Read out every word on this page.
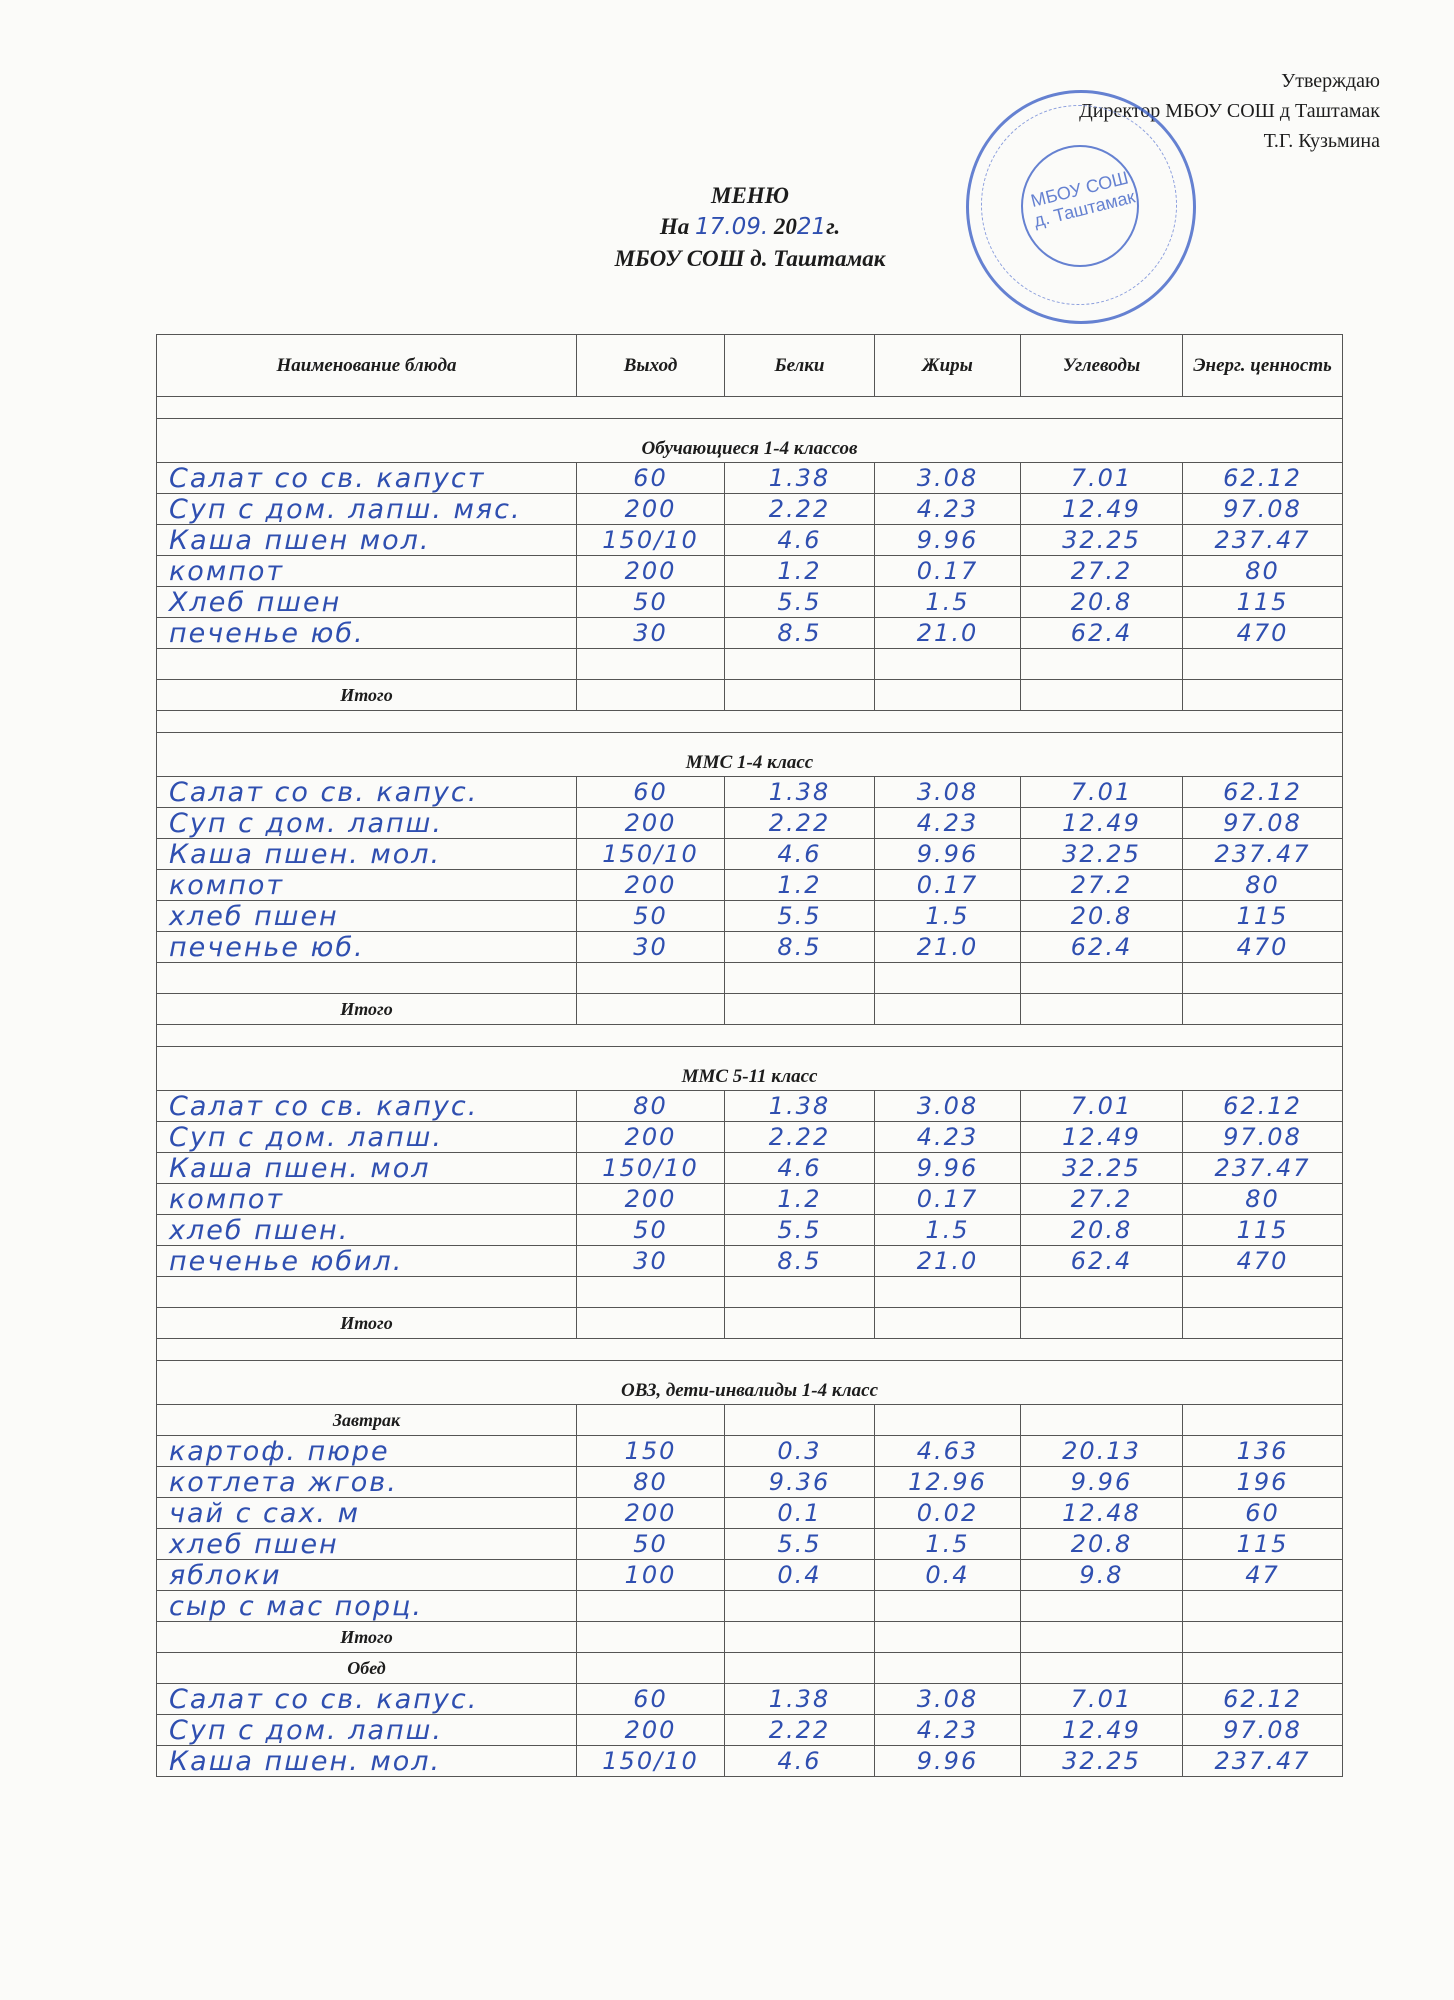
Утверждаю
Директор МБОУ СОШ д Таштамак
Т.Г. Кузьмина
МБОУ СОШ д. Таштамак
МЕНЮ
На 17.09. 2021г.
МБОУ СОШ д. Таштамак
Наименование блюда	Выход	Белки	Жиры	Углеводы	Энерг. ценность
Обучающиеся 1-4 классов
Салат со св. капуст	60	1.38	3.08	7.01	62.12
Суп с дом. лапш. мяс.	200	2.22	4.23	12.49	97.08
Каша пшен мол.	150/10	4.6	9.96	32.25	237.47
компот	200	1.2	0.17	27.2	80
Хлеб пшен	50	5.5	1.5	20.8	115
печенье юб.	30	8.5	21.0	62.4	470
Итого
ММС 1-4 класс
Салат со св. капус.	60	1.38	3.08	7.01	62.12
Суп с дом. лапш.	200	2.22	4.23	12.49	97.08
Каша пшен. мол.	150/10	4.6	9.96	32.25	237.47
компот	200	1.2	0.17	27.2	80
хлеб пшен	50	5.5	1.5	20.8	115
печенье юб.	30	8.5	21.0	62.4	470
Итого
ММС 5-11 класс
Салат со св. капус.	80	1.38	3.08	7.01	62.12
Суп с дом. лапш.	200	2.22	4.23	12.49	97.08
Каша пшен. мол	150/10	4.6	9.96	32.25	237.47
компот	200	1.2	0.17	27.2	80
хлеб пшен.	50	5.5	1.5	20.8	115
печенье юбил.	30	8.5	21.0	62.4	470
Итого
ОВЗ, дети-инвалиды 1-4 класс
Завтрак
картоф. пюре	150	0.3	4.63	20.13	136
котлета жгов.	80	9.36	12.96	9.96	196
чай с сах. м	200	0.1	0.02	12.48	60
хлеб пшен	50	5.5	1.5	20.8	115
яблоки	100	0.4	0.4	9.8	47
сыр с мас порц.
Итого
Обед
Салат со св. капус.	60	1.38	3.08	7.01	62.12
Суп с дом. лапш.	200	2.22	4.23	12.49	97.08
Каша пшен. мол.	150/10	4.6	9.96	32.25	237.47
